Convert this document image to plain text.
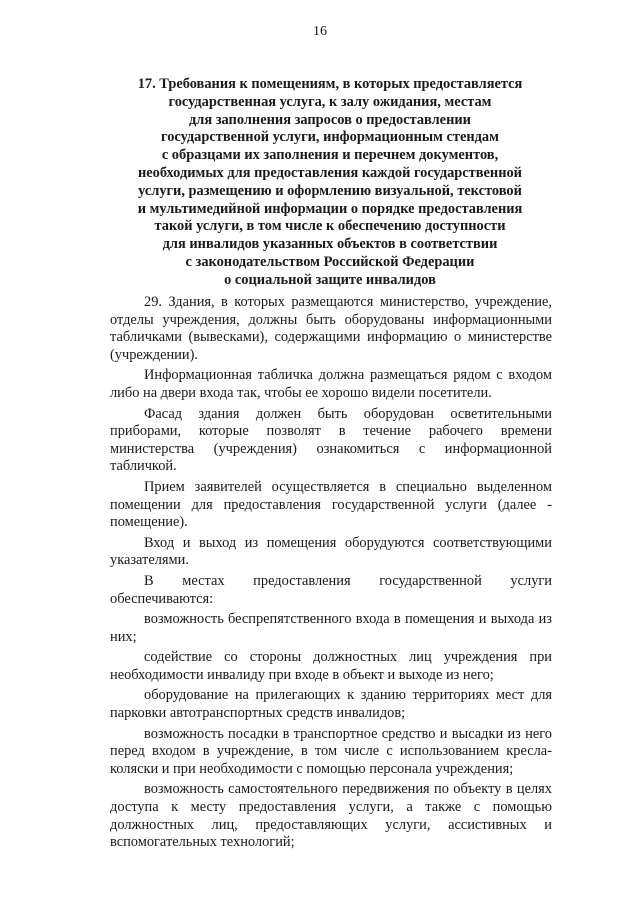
16
17. Требования к помещениям, в которых предоставляется
государственная услуга, к залу ожидания, местам
для заполнения запросов о предоставлении
государственной услуги, информационным стендам
с образцами их заполнения и перечнем документов,
необходимых для предоставления каждой государственной
услуги, размещению и оформлению визуальной, текстовой
и мультимедийной информации о порядке предоставления
такой услуги, в том числе к обеспечению доступности
для инвалидов указанных объектов в соответствии
с законодательством Российской Федерации
о социальной защите инвалидов

29. Здания, в которых размещаются министерство, учреждение, отделы учреждения, должны быть оборудованы информационными табличками (вывесками), содержащими информацию о министерстве (учреждении).

Информационная табличка должна размещаться рядом с входом либо на двери входа так, чтобы ее хорошо видели посетители.

Фасад здания должен быть оборудован осветительными приборами, которые позволят в течение рабочего времени министерства (учреждения) ознакомиться с информационной табличкой.

Прием заявителей осуществляется в специально выделенном помещении для предоставления государственной услуги (далее - помещение).

Вход и выход из помещения оборудуются соответствующими указателями.

В местах предоставления государственной услуги обеспечиваются:

возможность беспрепятственного входа в помещения и выхода из них;

содействие со стороны должностных лиц учреждения при необходимости инвалиду при входе в объект и выходе из него;

оборудование на прилегающих к зданию территориях мест для парковки автотранспортных средств инвалидов;

возможность посадки в транспортное средство и высадки из него перед входом в учреждение, в том числе с использованием кресла-коляски и при необходимости с помощью персонала учреждения;

возможность самостоятельного передвижения по объекту в целях доступа к месту предоставления услуги, а также с помощью должностных лиц, предоставляющих услуги, ассистивных и вспомогательных технологий;
